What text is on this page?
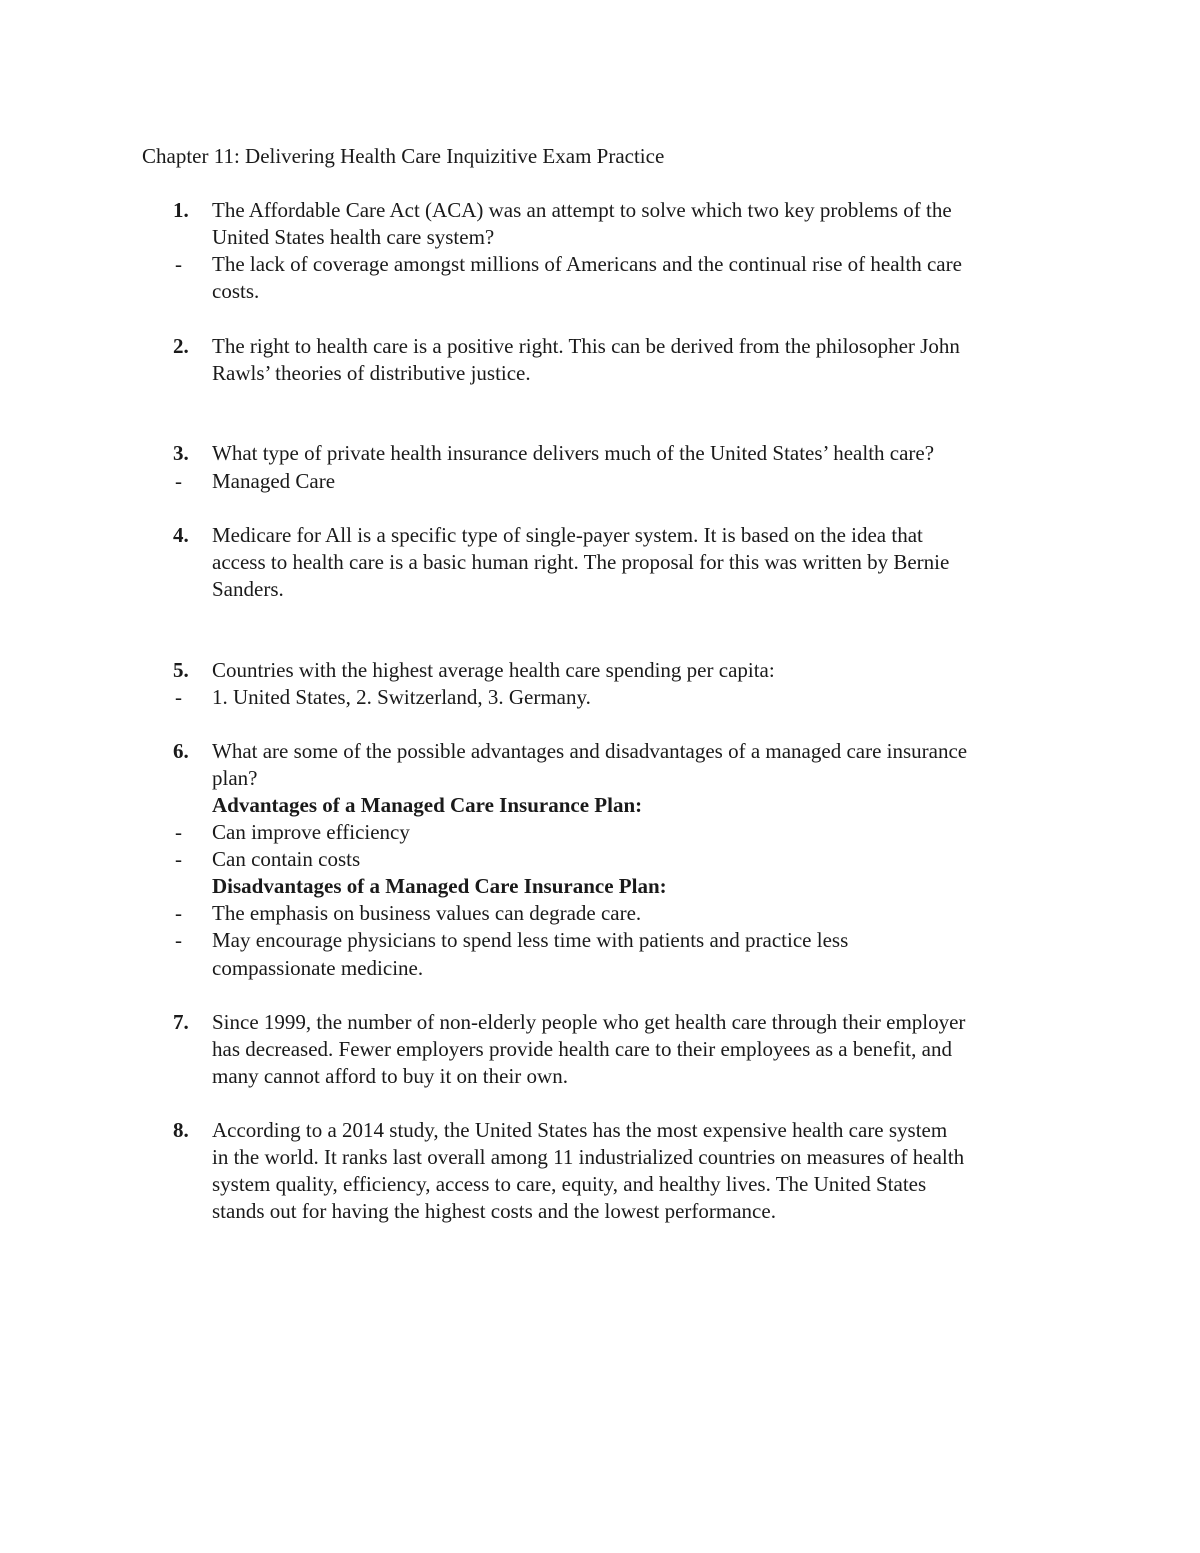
Chapter 11: Delivering Health Care Inquizitive Exam Practice
1. The Affordable Care Act (ACA) was an attempt to solve which two key problems of the
United States health care system?
- The lack of coverage amongst millions of Americans and the continual rise of health care
costs.
2. The right to health care is a positive right. This can be derived from the philosopher John
Rawls’ theories of distributive justice.
3. What type of private health insurance delivers much of the United States’ health care?
- Managed Care
4. Medicare for All is a specific type of single-payer system. It is based on the idea that
access to health care is a basic human right. The proposal for this was written by Bernie
Sanders.
5. Countries with the highest average health care spending per capita:
- 1. United States, 2. Switzerland, 3. Germany.
6. What are some of the possible advantages and disadvantages of a managed care insurance
plan?
Advantages of a Managed Care Insurance Plan:
- Can improve efficiency
- Can contain costs
Disadvantages of a Managed Care Insurance Plan:
- The emphasis on business values can degrade care.
- May encourage physicians to spend less time with patients and practice less
compassionate medicine.
7. Since 1999, the number of non-elderly people who get health care through their employer
has decreased. Fewer employers provide health care to their employees as a benefit, and
many cannot afford to buy it on their own.
8. According to a 2014 study, the United States has the most expensive health care system
in the world. It ranks last overall among 11 industrialized countries on measures of health
system quality, efficiency, access to care, equity, and healthy lives. The United States
stands out for having the highest costs and the lowest performance.
